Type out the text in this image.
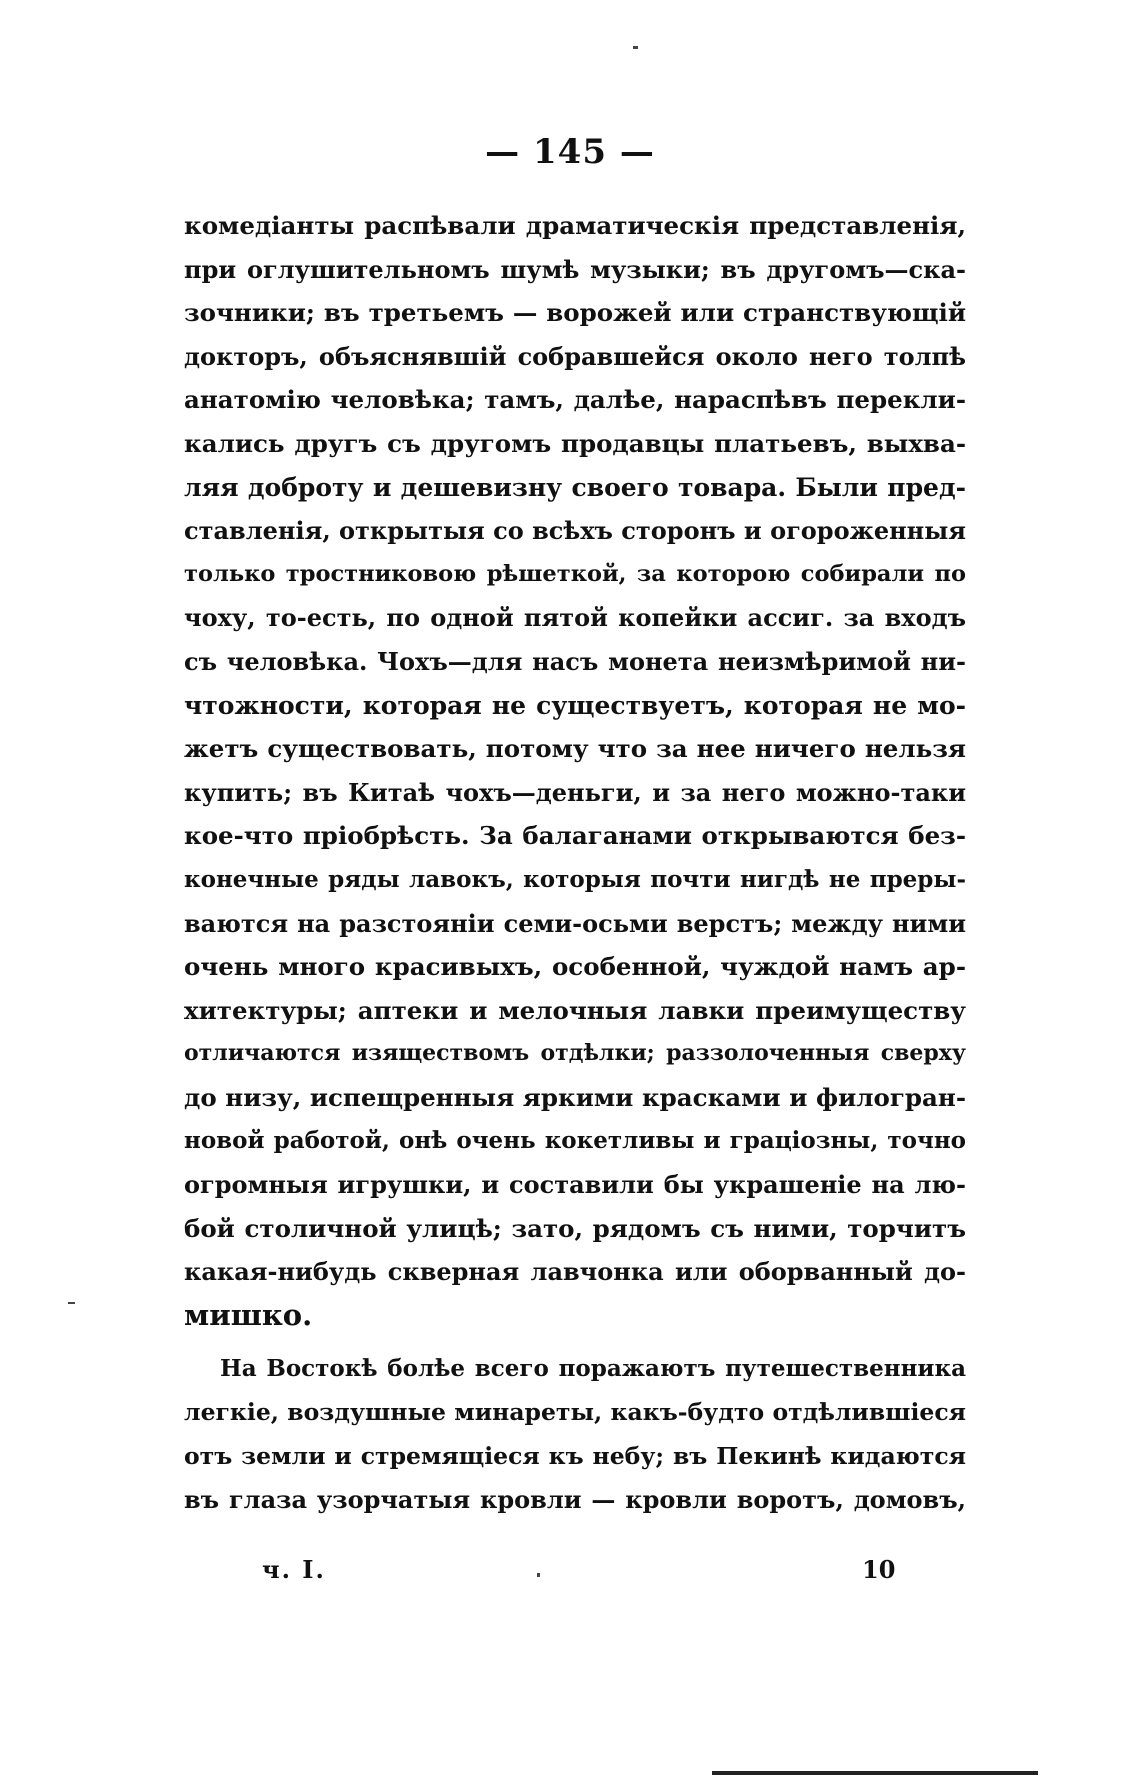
— 145 —
комедіанты распѣвали драматическія представленія,
при оглушительномъ шумѣ музыки; въ другомъ—ска-
зочники; въ третьемъ — ворожей или странствующій
докторъ, объяснявшій собравшейся около него толпѣ
анатомію человѣка; тамъ, далѣе, нараспѣвъ перекли-
кались другъ съ другомъ продавцы платьевъ, выхва-
ляя доброту и дешевизну своего товара. Были пред-
ставленія, открытыя со всѣхъ сторонъ и огороженныя
только тростниковою рѣшеткой, за которою собирали по
чоху, то-есть, по одной пятой копейки ассиг. за входъ
съ человѣка. Чохъ—для насъ монета неизмѣримой ни-
чтожности, которая не существуетъ, которая не мо-
жетъ существовать, потому что за нее ничего нельзя
купить; въ Китаѣ чохъ—деньги, и за него можно-таки
кое-что пріобрѣсть. За балаганами открываются без-
конечные ряды лавокъ, которыя почти нигдѣ не преры-
ваются на разстояніи семи-осьми верстъ; между ними
очень много красивыхъ, особенной, чуждой намъ ар-
хитектуры; аптеки и мелочныя лавки преимуществу
отличаются изяществомъ отдѣлки; раззолоченныя сверху
до низу, испещренныя яркими красками и филогран-
новой работой, онѣ очень кокетливы и граціозны, точно
огромныя игрушки, и составили бы украшеніе на лю-
бой столичной улицѣ; зато, рядомъ съ ними, торчитъ
какая-нибудь скверная лавчонка или оборванный до-
мишко.
На Востокѣ болѣе всего поражаютъ путешественника
легкіе, воздушные минареты, какъ-будто отдѣлившіеся
отъ земли и стремящіеся къ небу; въ Пекинѣ кидаются
въ глаза узорчатыя кровли — кровли воротъ, домовъ,
ч. I.	10
